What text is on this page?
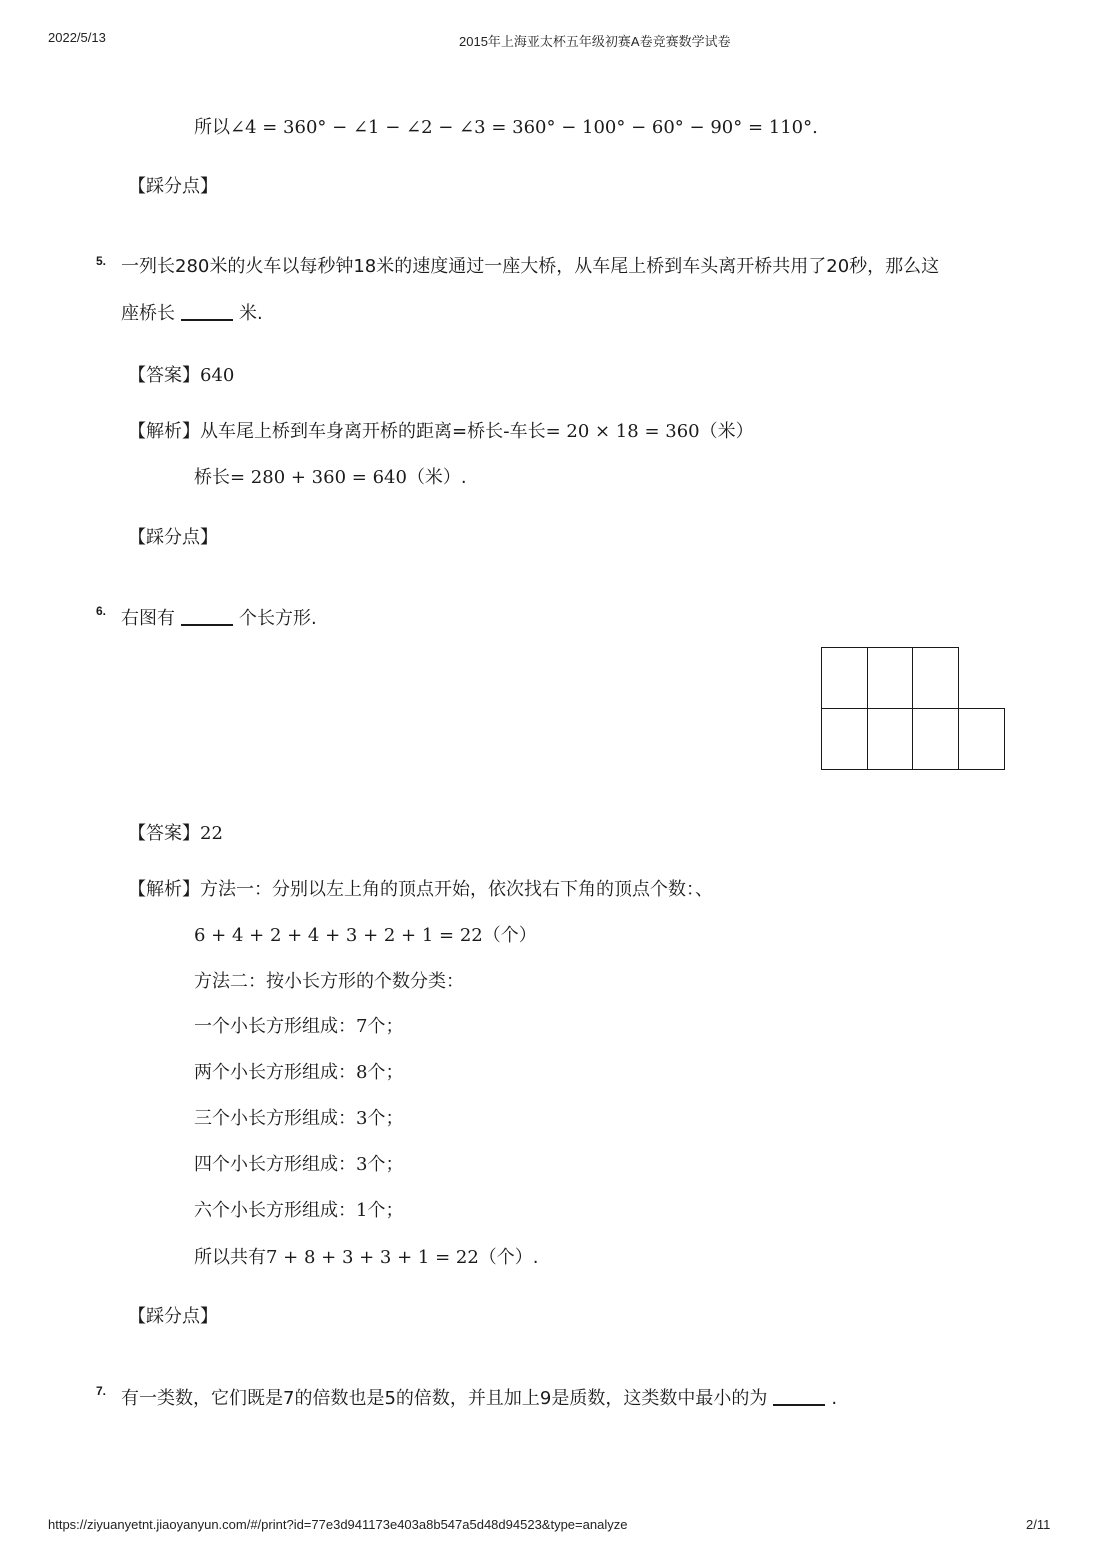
2022/5/13	2015年上海亚太杯五年级初赛A卷竞赛数学试卷
所以∠4 = 360° − ∠1 − ∠2 − ∠3 = 360° − 100° − 60° − 90° = 110°.
【踩分点】
5. 一列长280米的火车以每秒钟18米的速度通过一座大桥，从车尾上桥到车头离开桥共用了20秒，那么这
座桥长	米.
【答案】640
【解析】从车尾上桥到车身离开桥的距离=桥长-车长= 20 × 18 = 360（米）
桥长= 280 + 360 = 640（米）.
【踩分点】
6. 右图有	个长方形.
【答案】22
【解析】方法一：分别以左上角的顶点开始，依次找右下角的顶点个数：、
6 + 4 + 2 + 4 + 3 + 2 + 1 = 22（个）
方法二：按小长方形的个数分类：
一个小长方形组成：7个；
两个小长方形组成：8个；
三个小长方形组成：3个；
四个小长方形组成：3个；
六个小长方形组成：1个；
所以共有7 + 8 + 3 + 3 + 1 = 22（个）.
【踩分点】
7. 有一类数，它们既是7的倍数也是5的倍数，并且加上9是质数，这类数中最小的为	.
https://ziyuanyetnt.jiaoyanyun.com/#/print?id=77e3d941173e403a8b547a5d48d94523&type=analyze	2/11
